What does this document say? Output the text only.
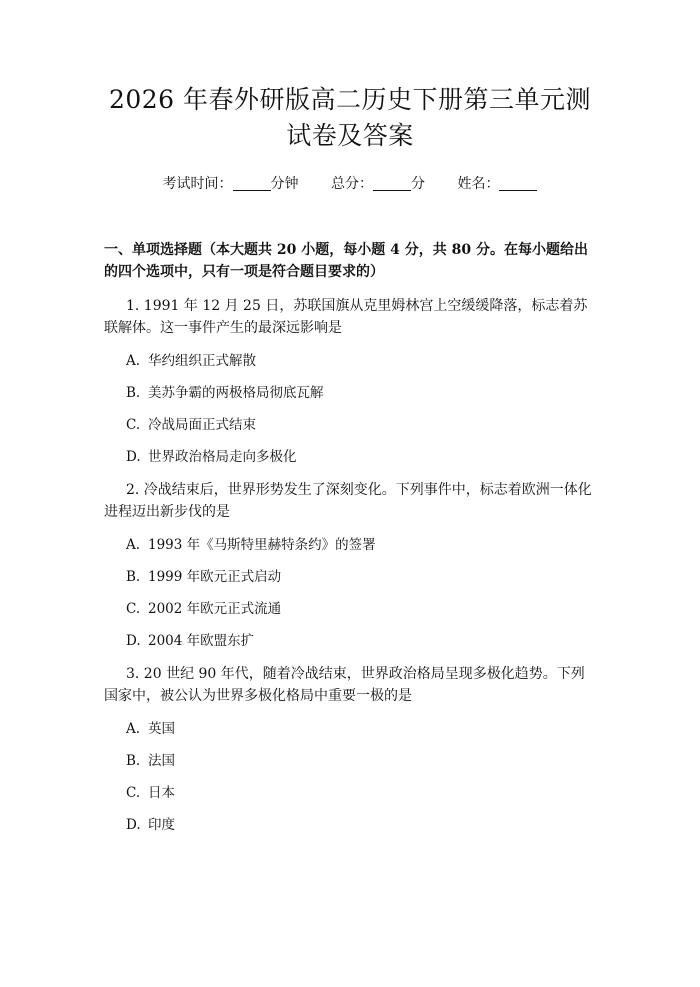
2026 年春外研版高二历史下册第三单元测试卷及答案
考试时间：	分钟 总分：	分 姓名：
一、单项选择题（本大题共 20 小题，每小题 4 分，共 80 分。在每小题给出的四个选项中，只有一项是符合题目要求的）
1. 1991 年 12 月 25 日，苏联国旗从克里姆林宫上空缓缓降落，标志着苏联解体。这一事件产生的最深远影响是
A. 华约组织正式解散
B. 美苏争霸的两极格局彻底瓦解
C. 冷战局面正式结束
D. 世界政治格局走向多极化
2. 冷战结束后，世界形势发生了深刻变化。下列事件中，标志着欧洲一体化进程迈出新步伐的是
A. 1993 年《马斯特里赫特条约》的签署
B. 1999 年欧元正式启动
C. 2002 年欧元正式流通
D. 2004 年欧盟东扩
3. 20 世纪 90 年代，随着冷战结束，世界政治格局呈现多极化趋势。下列国家中，被公认为世界多极化格局中重要一极的是
A. 英国
B. 法国
C. 日本
D. 印度
